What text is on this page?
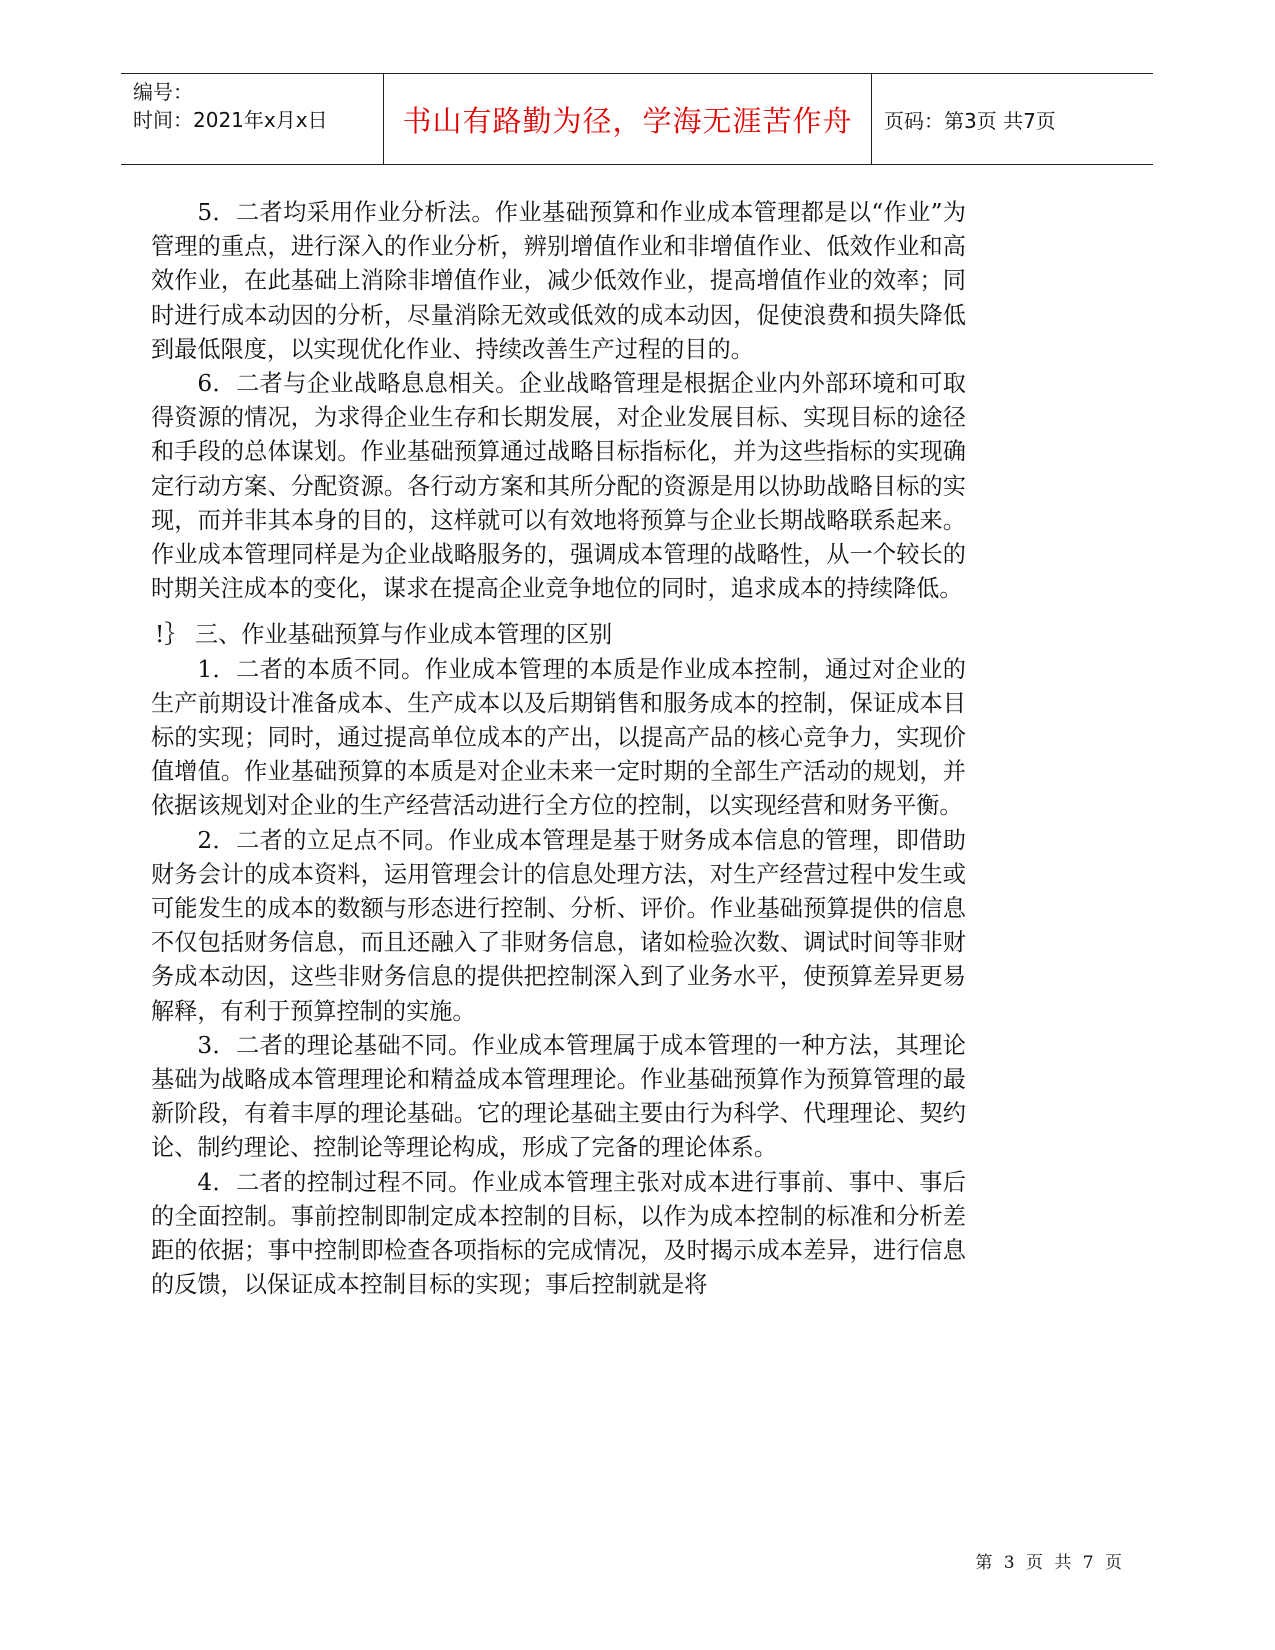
编号：
时间：2021年x月x日	书山有路勤为径，学海无涯苦作舟 页码：第3页 共7页

5．二者均采用作业分析法。作业基础预算和作业成本管理都是以“作业”为管理的重点，进行深入的作业分析，辨别增值作业和非增值作业、低效作业和高效作业，在此基础上消除非增值作业，减少低效作业，提高增值作业的效率；同时进行成本动因的分析，尽量消除无效或低效的成本动因，促使浪费和损失降低到最低限度，以实现优化作业、持续改善生产过程的目的。

6．二者与企业战略息息相关。企业战略管理是根据企业内外部环境和可取得资源的情况，为求得企业生存和长期发展，对企业发展目标、实现目标的途径和手段的总体谋划。作业基础预算通过战略目标指标化，并为这些指标的实现确定行动方案、分配资源。各行动方案和其所分配的资源是用以协助战略目标的实现，而并非其本身的目的，这样就可以有效地将预算与企业长期战略联系起来。作业成本管理同样是为企业战略服务的，强调成本管理的战略性，从一个较长的时期关注成本的变化，谋求在提高企业竞争地位的同时，追求成本的持续降低。

!｝ 三、作业基础预算与作业成本管理的区别

1．二者的本质不同。作业成本管理的本质是作业成本控制，通过对企业的生产前期设计准备成本、生产成本以及后期销售和服务成本的控制，保证成本目标的实现；同时，通过提高单位成本的产出，以提高产品的核心竞争力，实现价值增值。作业基础预算的本质是对企业未来一定时期的全部生产活动的规划，并依据该规划对企业的生产经营活动进行全方位的控制，以实现经营和财务平衡。

2．二者的立足点不同。作业成本管理是基于财务成本信息的管理，即借助财务会计的成本资料，运用管理会计的信息处理方法，对生产经营过程中发生或可能发生的成本的数额与形态进行控制、分析、评价。作业基础预算提供的信息不仅包括财务信息，而且还融入了非财务信息，诸如检验次数、调试时间等非财务成本动因，这些非财务信息的提供把控制深入到了业务水平，使预算差异更易解释，有利于预算控制的实施。

3．二者的理论基础不同。作业成本管理属于成本管理的一种方法，其理论基础为战略成本管理理论和精益成本管理理论。作业基础预算作为预算管理的最新阶段，有着丰厚的理论基础。它的理论基础主要由行为科学、代理理论、契约论、制约理论、控制论等理论构成，形成了完备的理论体系。

4．二者的控制过程不同。作业成本管理主张对成本进行事前、事中、事后的全面控制。事前控制即制定成本控制的目标，以作为成本控制的标准和分析差距的依据；事中控制即检查各项指标的完成情况，及时揭示成本差异，进行信息的反馈，以保证成本控制目标的实现；事后控制就是将

第 3 页 共 7 页
